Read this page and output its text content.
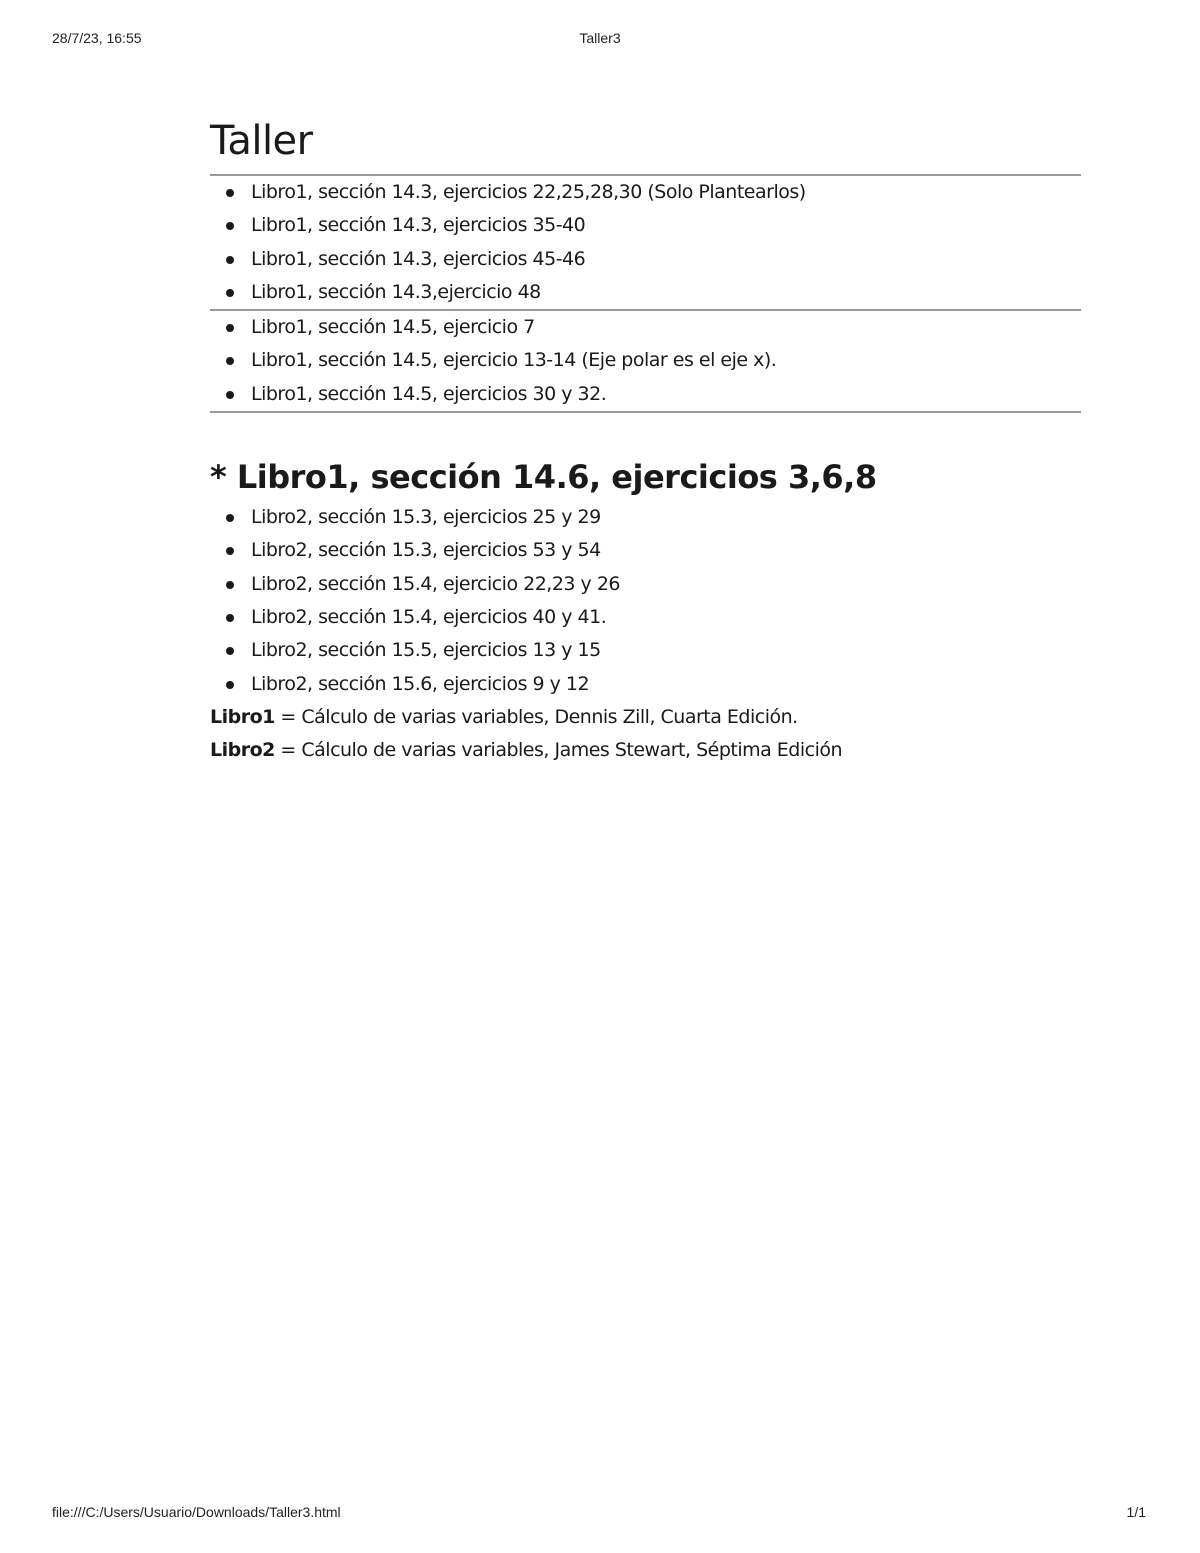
28/7/23, 16:55	Taller3
Taller
Libro1, sección 14.3, ejercicios 22,25,28,30 (Solo Plantearlos)
Libro1, sección 14.3, ejercicios 35-40
Libro1, sección 14.3, ejercicios 45-46
Libro1, sección 14.3,ejercicio 48
Libro1, sección 14.5, ejercicio 7
Libro1, sección 14.5, ejercicio 13-14 (Eje polar es el eje x).
Libro1, sección 14.5, ejercicios 30 y 32.
* Libro1, sección 14.6, ejercicios 3,6,8
Libro2, sección 15.3, ejercicios 25 y 29
Libro2, sección 15.3, ejercicios 53 y 54
Libro2, sección 15.4, ejercicio 22,23 y 26
Libro2, sección 15.4, ejercicios 40 y 41.
Libro2, sección 15.5, ejercicios 13 y 15
Libro2, sección 15.6, ejercicios 9 y 12

Libro1 = Cálculo de varias variables, Dennis Zill, Cuarta Edición.

Libro2 = Cálculo de varias variables, James Stewart, Séptima Edición

file:///C:/Users/Usuario/Downloads/Taller3.html	1/1
